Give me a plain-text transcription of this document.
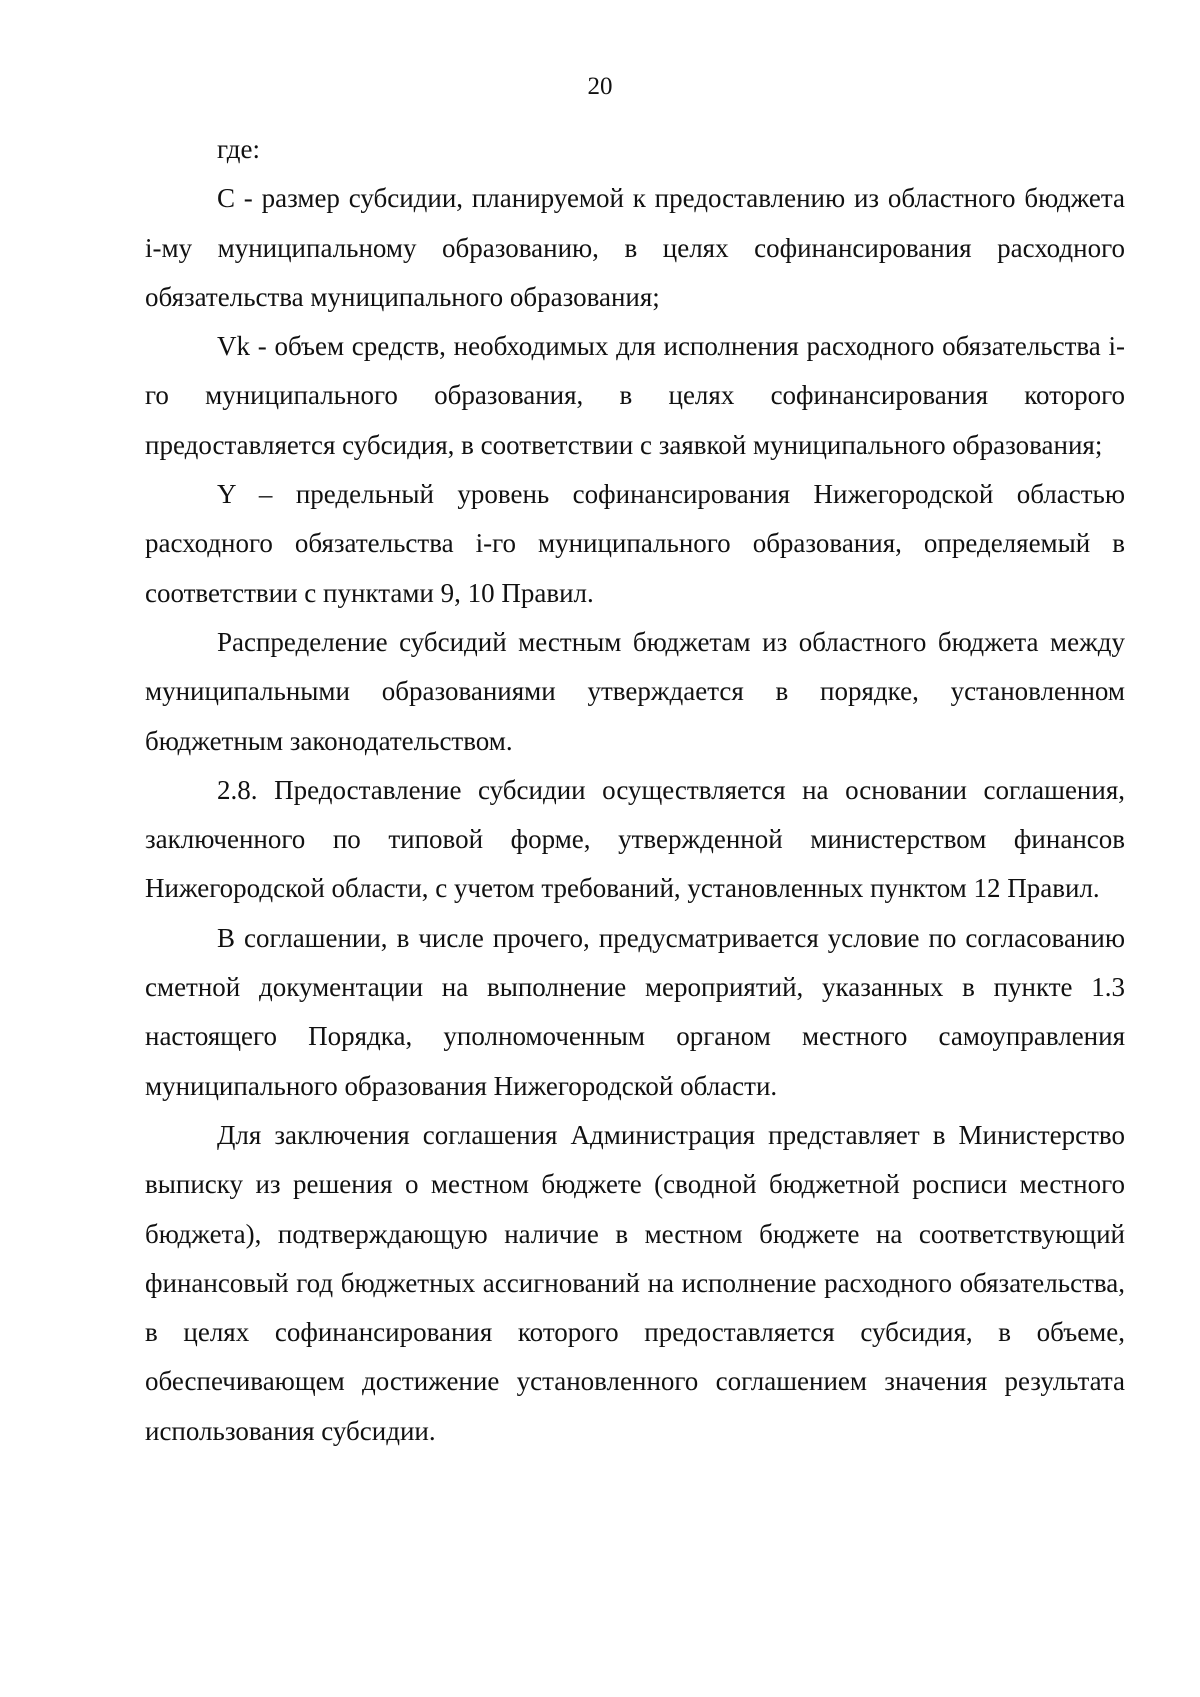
20

где:

C - размер субсидии, планируемой к предоставлению из областного бюджета i-му муниципальному образованию, в целях софинансирования расходного обязательства муниципального образования;

Vk - объем средств, необходимых для исполнения расходного обязательства i-го муниципального образования, в целях софинансирования которого предоставляется субсидия, в соответствии с заявкой муниципального образования;

Y – предельный уровень софинансирования Нижегородской областью расходного обязательства i-го муниципального образования, определяемый в соответствии с пунктами 9, 10 Правил.

Распределение субсидий местным бюджетам из областного бюджета между муниципальными образованиями утверждается в порядке, установленном бюджетным законодательством.

2.8. Предоставление субсидии осуществляется на основании соглашения, заключенного по типовой форме, утвержденной министерством финансов Нижегородской области, с учетом требований, установленных пунктом 12 Правил.

В соглашении, в числе прочего, предусматривается условие по согласованию сметной документации на выполнение мероприятий, указанных в пункте 1.3 настоящего Порядка, уполномоченным органом местного самоуправления муниципального образования Нижегородской области.

Для заключения соглашения Администрация представляет в Министерство выписку из решения о местном бюджете (сводной бюджетной росписи местного бюджета), подтверждающую наличие в местном бюджете на соответствующий финансовый год бюджетных ассигнований на исполнение расходного обязательства, в целях софинансирования которого предоставляется субсидия, в объеме, обеспечивающем достижение установленного соглашением значения результата использования субсидии.
